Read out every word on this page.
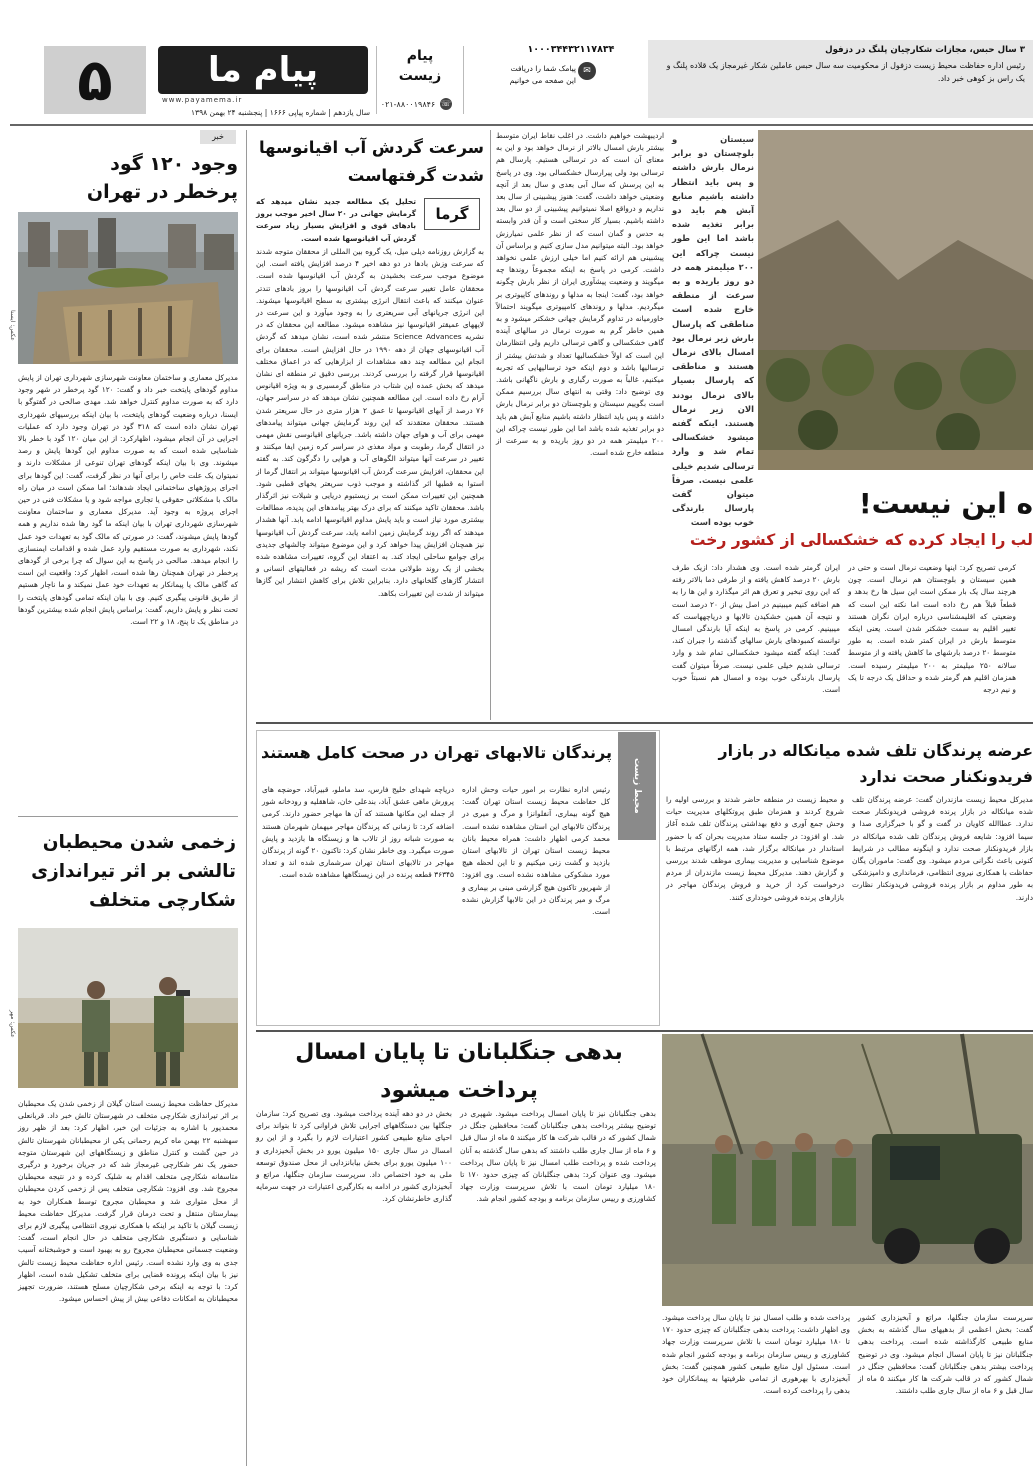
۵	پیام ما
www.payamema.ir
سال یازدهم | شماره پیاپی ۱۶۶۶ | پنجشنبه ۲۴ بهمن ۱۳۹۸
پیام
زیست
☏
۰۲۱-۸۸۰۰۱۹۸۴۶
۱۰۰۰۳۴۴۳۲۱۱۷۸۳۴
✉
پیامک شما را دریافت
این صفحه می خوانیم
۳ سال حبس، مجازات شکارچیان پلنگ در دزفول
رئیس اداره حفاظت محیط زیست دزفول از محکومیت سه سال حبس عاملین شکار غیرمجاز یک قلاده پلنگ و یک راس بز کوهی خبر داد.
خبر
وجود ۱۲۰ گود پرخطر در تهران
عکس: ایسنا
مدیرکل معماری و ساختمان معاونت شهرسازی شهرداری تهران از پایش مداوم گودهای پایتخت خبر داد و گفت: ۱۲۰ گود پرخطر در شهر وجود دارد که به صورت مداوم کنترل خواهد شد. مهدی صالحی در گفتوگو با ایسنا، درباره وضعیت گودهای پایتخت، با بیان اینکه بررسیهای شهرداری تهران نشان داده است که ۳۱۸ گود در تهران وجود دارد که عملیات اجرایی در آن انجام میشود، اظهارکرد: از این میان ۱۲۰ گود با خطر بالا شناسایی شده است که به صورت مداوم این گودها پایش و رصد میشوند. وی با بیان اینکه گودهای تهران تنوعی از مشکلات دارند و نمیتوان یک علت خاص را برای آنها در نظر گرفت، گفت: این گودها برای اجرای پروژههای ساختمانی ایجاد شدهاند؛ اما ممکن است در میان راه مالک با مشکلاتی حقوقی یا تجاری مواجه شود و یا مشکلات فنی در حین اجرای پروژه به وجود آید. مدیرکل معماری و ساختمان معاونت شهرسازی شهرداری تهران با بیان اینکه ما گود رها شده نداریم و همه گودها پایش میشوند، گفت: در صورتی که مالک گود به تعهدات خود عمل نکند، شهرداری به صورت مستقیم وارد عمل شده و اقدامات ایمنسازی را انجام میدهد. صالحی در پاسخ به این سوال که چرا برخی از گودهای پرخطر در تهران همچنان رها شده است، اظهار کرد: واقعیت این است که گاهی مالک یا پیمانکار به تعهدات خود عمل نمیکند و ما ناچار هستیم از طریق قانونی پیگیری کنیم. وی با بیان اینکه تمامی گودهای پایتخت را تحت نظر و پایش داریم، گفت: براساس پایش انجام شده بیشترین گودها در مناطق یک تا پنج، ۱۸ و ۲۲ است.
زخمی شدن محیطبان تالشی بر اثر تیراندازی شکارچی متخلف
عکس: مهر
مدیرکل حفاظت محیط زیست استان گیلان از زخمی شدن یک محیطبان بر اثر تیراندازی شکارچی متخلف در شهرستان تالش خبر داد. قربانعلی محمدپور با اشاره به جزئیات این خبر، اظهار کرد: بعد از ظهر روز سهشنبه ۲۲ بهمن ماه کریم رحمانی یکی از محیطبانان شهرستان تالش در حین گشت و کنترل مناطق و زیستگاههای این شهرستان متوجه حضور یک نفر شکارچی غیرمجاز شد که در جریان برخورد و درگیری متاسفانه شکارچی متخلف اقدام به شلیک کرده و در نتیجه محیطبان مجروح شد. وی افزود: شکارچی متخلف پس از زخمی کردن محیطبان از محل متواری شد و محیطبان مجروح توسط همکاران خود به بیمارستان منتقل و تحت درمان قرار گرفت. مدیرکل حفاظت محیط زیست گیلان با تاکید بر اینکه با همکاری نیروی انتظامی پیگیری لازم برای شناسایی و دستگیری شکارچی متخلف در حال انجام است، گفت: وضعیت جسمانی محیطبان مجروح رو به بهبود است و خوشبختانه آسیب جدی به وی وارد نشده است. رئیس اداره حفاظت محیط زیست تالش نیز با بیان اینکه پرونده قضایی برای متخلف تشکیل شده است، اظهار کرد: با توجه به اینکه برخی شکارچیان مسلح هستند، ضرورت تجهیز محیطبانان به امکانات دفاعی بیش از پیش احساس میشود.
سرعت گردش آب اقیانوسها شدت گرفتهاست
گرما
تحلیل یک مطالعه جدید نشان میدهد که گرمایش جهانی در ۲۰ سال اخیر موجب بروز بادهای قوی و افزایش بسیار زیاد سرعت گردش آب اقیانوسها شده است.
به گزارش روزنامه دیلی میل، یک گروه بین المللی از محققان متوجه شدند که سرعت وزش بادها در دو دهه اخیر ۴ درصد افزایش یافته است. این موضوع موجب سرعت بخشیدن به گردش آب اقیانوسها شده است. محققان عامل تغییر سرعت گردش آب اقیانوسها را بروز بادهای تندتر عنوان میکنند که باعث انتقال انرژی بیشتری به سطح اقیانوسها میشوند. این انرژی جریانهای آبی سریعتری را به وجود میآورد و این سرعت در لایههای عمیقتر اقیانوسها نیز مشاهده میشود. مطالعه این محققان که در نشریه Science Advances منتشر شده است، نشان میدهد که گردش آب اقیانوسهای جهان از دهه ۱۹۹۰ در حال افزایش است. محققان برای انجام این مطالعه چند دهه مشاهدات از ابزارهایی که در اعماق مختلف اقیانوسها قرار گرفته را بررسی کردند. بررسی دقیق تر منطقه ای نشان میدهد که بخش عمده این شتاب در مناطق گرمسیری و به ویژه اقیانوس آرام رخ داده است. این مطالعه همچنین نشان میدهد که در سراسر جهان، ۷۶ درصد از آبهای اقیانوسها تا عمق ۲ هزار متری در حال سریعتر شدن هستند. محققان معتقدند که این روند گرمایش جهانی میتواند پیامدهای مهمی برای آب و هوای جهان داشته باشد. جریانهای اقیانوسی نقش مهمی در انتقال گرما، رطوبت و مواد مغذی در سراسر کره زمین ایفا میکنند و تغییر در سرعت آنها میتواند الگوهای آب و هوایی را دگرگون کند. به گفته این محققان، افزایش سرعت گردش آب اقیانوسها میتواند بر انتقال گرما از استوا به قطبها اثر گذاشته و موجب ذوب سریعتر یخهای قطبی شود. همچنین این تغییرات ممکن است بر زیستبوم دریایی و شیلات نیز اثرگذار باشد. محققان تاکید میکنند که برای درک بهتر پیامدهای این پدیده، مطالعات بیشتری مورد نیاز است و باید پایش مداوم اقیانوسها ادامه یابد. آنها هشدار میدهند که اگر روند گرمایش زمین ادامه یابد، سرعت گردش آب اقیانوسها نیز همچنان افزایش پیدا خواهد کرد و این موضوع میتواند چالشهای جدیدی برای جوامع ساحلی ایجاد کند. به اعتقاد این گروه، تغییرات مشاهده شده بخشی از یک روند طولانی مدت است که ریشه در فعالیتهای انسانی و انتشار گازهای گلخانهای دارد. بنابراین تلاش برای کاهش انتشار این گازها میتواند از شدت این تغییرات بکاهد.
اردیبهشت خواهیم داشت. در اغلب نقاط ایران متوسط بیشتر بارش امسال بالاتر از نرمال خواهد بود و این به معنای آن است که در ترسالی هستیم. پارسال هم ترسالی بود ولی پیرارسال خشکسالی بود. وی در پاسخ به این پرسش که سال آبی بعدی و سال بعد از آنچه وضعیتی خواهد داشت، گفت: هنوز پیشبینی از سال بعد نداریم و درواقع اصلا نمیتوانیم پیشبینی از دو سال بعد داشته باشیم. بسیار کار سختی است و آن قدر وابسته به حدس و گمان است که از نظر علمی نمیارزش خواهد بود. البته میتوانیم مدل سازی کنیم و براساس آن پیشبینی هم ارائه کنیم اما خیلی ارزش علمی نخواهد داشت. کرمی در پاسخ به اینکه مجموعاً روندها چه میگویند و وضعیت پیشآوری ایران از نظر بارش چگونه خواهد بود، گفت: اینجا به مدلها و روندهای کاپیوتری بر میگردیم. مدلها و روندهای کامپیوتری میگویند احتمالاً خاورمیانه در تداوم گرمایش جهانی خشکتر میشود و به همین خاطر گرم به صورت نرمال در سالهای آینده گاهی خشکسالی و گاهی ترسالی داریم ولی انتظارمان این است که اولاً خشکسالیها تعداد و شدتش بیشتر از ترسالیها باشد و دوم اینکه خود ترسالیهایی که تجربه میکنیم، غالباً به صورت رگباری و بارش ناگهانی باشد. وی توضیح داد: وقتی به انتهای سال بررسیم ممکن است بگوییم سیستان و بلوچستان دو برابر نرمال بارش داشته و پس باید انتظار داشته باشیم منابع آبش هم باید دو برابر تغذیه شده باشد اما این طور نیست چراکه این ۲۰۰ میلیمتر همه در دو روز باریده و به سرعت از منطقه خارج شده است.
سیستان و بلوچستان دو برابر نرمال بارش داشته و پس باید انتظار داشته باشیم منابع آبش هم باید دو برابر تغذیه شده باشد اما این طور نیست چراکه این ۲۰۰ میلیمتر همه در دو روز باریده و به سرعت از منطقه خارج شده است مناطقی که پارسال بارش زیر نرمال بود امسال بالای نرمال هستند و مناطقی که پارسال بسیار بالای نرمال بودند الان زیر نرمال هستند. اینکه گفته میشود خشکسالی تمام شد و وارد ترسالی شدیم خیلی علمی نیست. صرفاً میتوان گفت پارسال بارندگی خوب بوده است
ه این نیست!
لب را ایجاد کرده که خشکسالی از کشور رخت
ایران گرمتر شده است. وی هشدار داد: ازیک طرف بارش ۲۰ درصد کاهش یافته و از طرفی دما بالاتر رفته که این روی تبخیر و تعرق هم اثر میگذارد و این ها را به هم اضافه کنیم میبینیم در اصل بیش از ۲۰ درصد است و نتیجه آن همین خشکیدن تالابها و دریاچههاست که میبینیم. کرمی در پاسخ به اینکه آیا بارندگی امسال توانسته کمبودهای بارش سالهای گذشته را جبران کند، گفت: اینکه گفته میشود خشکسالی تمام شد و وارد ترسالی شدیم خیلی علمی نیست. صرفاً میتوان گفت پارسال بارندگی خوب بوده و امسال هم نسبتاً خوب است.
کرمی تصریح کرد: اینها وضعیت نرمال است و حتی در همین سیستان و بلوچستان هم نرمال است. چون هرچند سال یک بار ممکن است این سیل ها رخ بدهد و قطعاً قبلاً هم رخ داده است اما نکته این است که وضعیتی که اقلیمشناسی درباره ایران نگران هستند تغییر اقلیم به سمت خشکتر شدن است. یعنی اینکه متوسط بارش در ایران کمتر شده است. به طور متوسط ۲۰ درصد بارشهای ما کاهش یافته و از متوسط سالانه ۲۵۰ میلیمتر به ۲۰۰ میلیمتر رسیده است. همزمان اقلیم هم گرمتر شده و حداقل یک درجه تا یک و نیم درجه
محیط زیست
پرندگان تالابهای تهران در صحت کامل هستند
رئیس اداره نظارت بر امور حیات وحش اداره کل حفاظت محیط زیست استان تهران گفت: هیچ گونه بیماری، آنفلوانزا و مرگ و میری در پرندگان تالابهای این استان مشاهده نشده است. محمد کرمی اظهار داشت: همراه محیط بانان محیط زیست استان تهران از تالابهای استان بازدید و گشت زنی میکنیم و تا این لحظه هیچ مورد مشکوکی مشاهده نشده است. وی افزود: از شهریور تاکنون هیچ گزارشی مبنی بر بیماری و مرگ و میر پرندگان در این تالابها گزارش نشده است.
دریاچه شهدای خلیج فارس، سد ماملو، قبیرآباد، حوضچه های پرورش ماهی عشق آباد، بندعلی خان، شاهقلیه و رودخانه شور از جمله این مکانها هستند که آن ها مهاجر حضور دارند. کرمی اضافه کرد: تا زمانی که پرندگان مهاجر میهمان شهرمان هستند به صورت شبانه روز از تالاب ها و زیستگاه ها بازدید و پایش صورت میگیرد. وی خاطر نشان کرد: تاکنون ۲۰ گونه از پرندگان مهاجر در تالابهای استان تهران سرشماری شده اند و تعداد ۳۶۳۴۵ قطعه پرنده در این زیستگاهها مشاهده شده است.
عرضه پرندگان تلف شده میانکاله در بازار فریدونکنار صحت ندارد
مدیرکل محیط زیست مازندران گفت: عرضه پرندگان تلف شده میانکاله در بازار پرنده فروشی فریدونکنار صحت ندارد. عطاالله کاویان در گفت و گو با خبرگزاری صدا و سیما افزود: شایعه فروش پرندگان تلف شده میانکاله در بازار فریدونکنار صحت ندارد و اینگونه مطالب در شرایط کنونی باعث نگرانی مردم میشود. وی گفت: ماموران یگان حفاظت با همکاری نیروی انتظامی، فرمانداری و دامپزشکی به طور مداوم بر بازار پرنده فروشی فریدونکنار نظارت دارند.
و محیط زیست در منطقه حاضر شدند و بررسی اولیه را شروع کردند و همزمان طبق پروتکلهای مدیریت حیات وحش جمع آوری و دفع بهداشتی پرندگان تلف شده آغاز شد. او افزود: در جلسه ستاد مدیریت بحران که با حضور استاندار در میانکاله برگزار شد، همه ارگانهای مرتبط با موضوع شناسایی و مدیریت بیماری موظف شدند بررسی و گزارش دهند. مدیرکل محیط زیست مازندران از مردم درخواست کرد از خرید و فروش پرندگان مهاجر در بازارهای پرنده فروشی خودداری کنند.
بدهی جنگلبانان تا پایان امسال پرداخت میشود
بدهی جنگلبانان نیز تا پایان امسال پرداخت میشود. شهپری در توضیح بیشتر پرداخت بدهی جنگلبانان گفت: محافظین جنگل در شمال کشور که در قالب شرکت ها کار میکنند ۵ ماه از سال قبل و ۶ ماه از سال جاری طلب داشتند که بدهی سال گذشته به آنان پرداخت شده و پرداخت طلب امسال نیز تا پایان سال پرداخت میشود. وی عنوان کرد: بدهی جنگلبانان که چیزی حدود ۱۷۰ تا ۱۸۰ میلیارد تومان است با تلاش سرپرست وزارت جهاد کشاورزی و رییس سازمان برنامه و بودجه کشور انجام شد.
بخش در دو دهه آینده پرداخت میشود. وی تصریح کرد: سازمان جنگلها بین دستگاههای اجرایی تلاش فراوانی کرد تا بتواند برای احیای منابع طبیعی کشور اعتبارات لازم را بگیرد و از این رو امسال در سال جاری ۱۵۰ میلیون یورو در بخش آبخیزداری و ۱۰۰ میلیون یورو برای بخش بیابانزدایی از محل صندوق توسعه ملی به خود اختصاص داد. سرپرست سازمان جنگلها، مراتع و آبخیزداری کشور در ادامه به بکارگیری اعتبارات در جهت سرمایه گذاری خاطرنشان کرد.
پرداخت شده و طلب امسال نیز تا پایان سال پرداخت میشود. وی اظهار داشت: پرداخت بدهی جنگلبانان که چیزی حدود ۱۷۰ تا ۱۸۰ میلیارد تومان است با تلاش سرپرست وزارت جهاد کشاورزی و رییس سازمان برنامه و بودجه کشور انجام شده است. مسئول اول منابع طبیعی کشور همچنین گفت: بخش آبخیزداری با بهرهوری از تمامی ظرفیتها به پیمانکاران خود بدهی را پرداخت کرده است.
سرپرست سازمان جنگلها، مراتع و آبخیزداری کشور گفت: بخش اعظمی از بدهیهای سال گذشته به بخش منابع طبیعی کارگذاشته شده است. پرداخت بدهی جنگلبانان نیز تا پایان امسال انجام میشود. وی در توضیح پرداخت بیشتر بدهی جنگلبانان گفت: محافظین جنگل در شمال کشور که در قالب شرکت ها کار میکنند ۵ ماه از سال قبل و ۶ ماه از سال جاری طلب داشتند.
